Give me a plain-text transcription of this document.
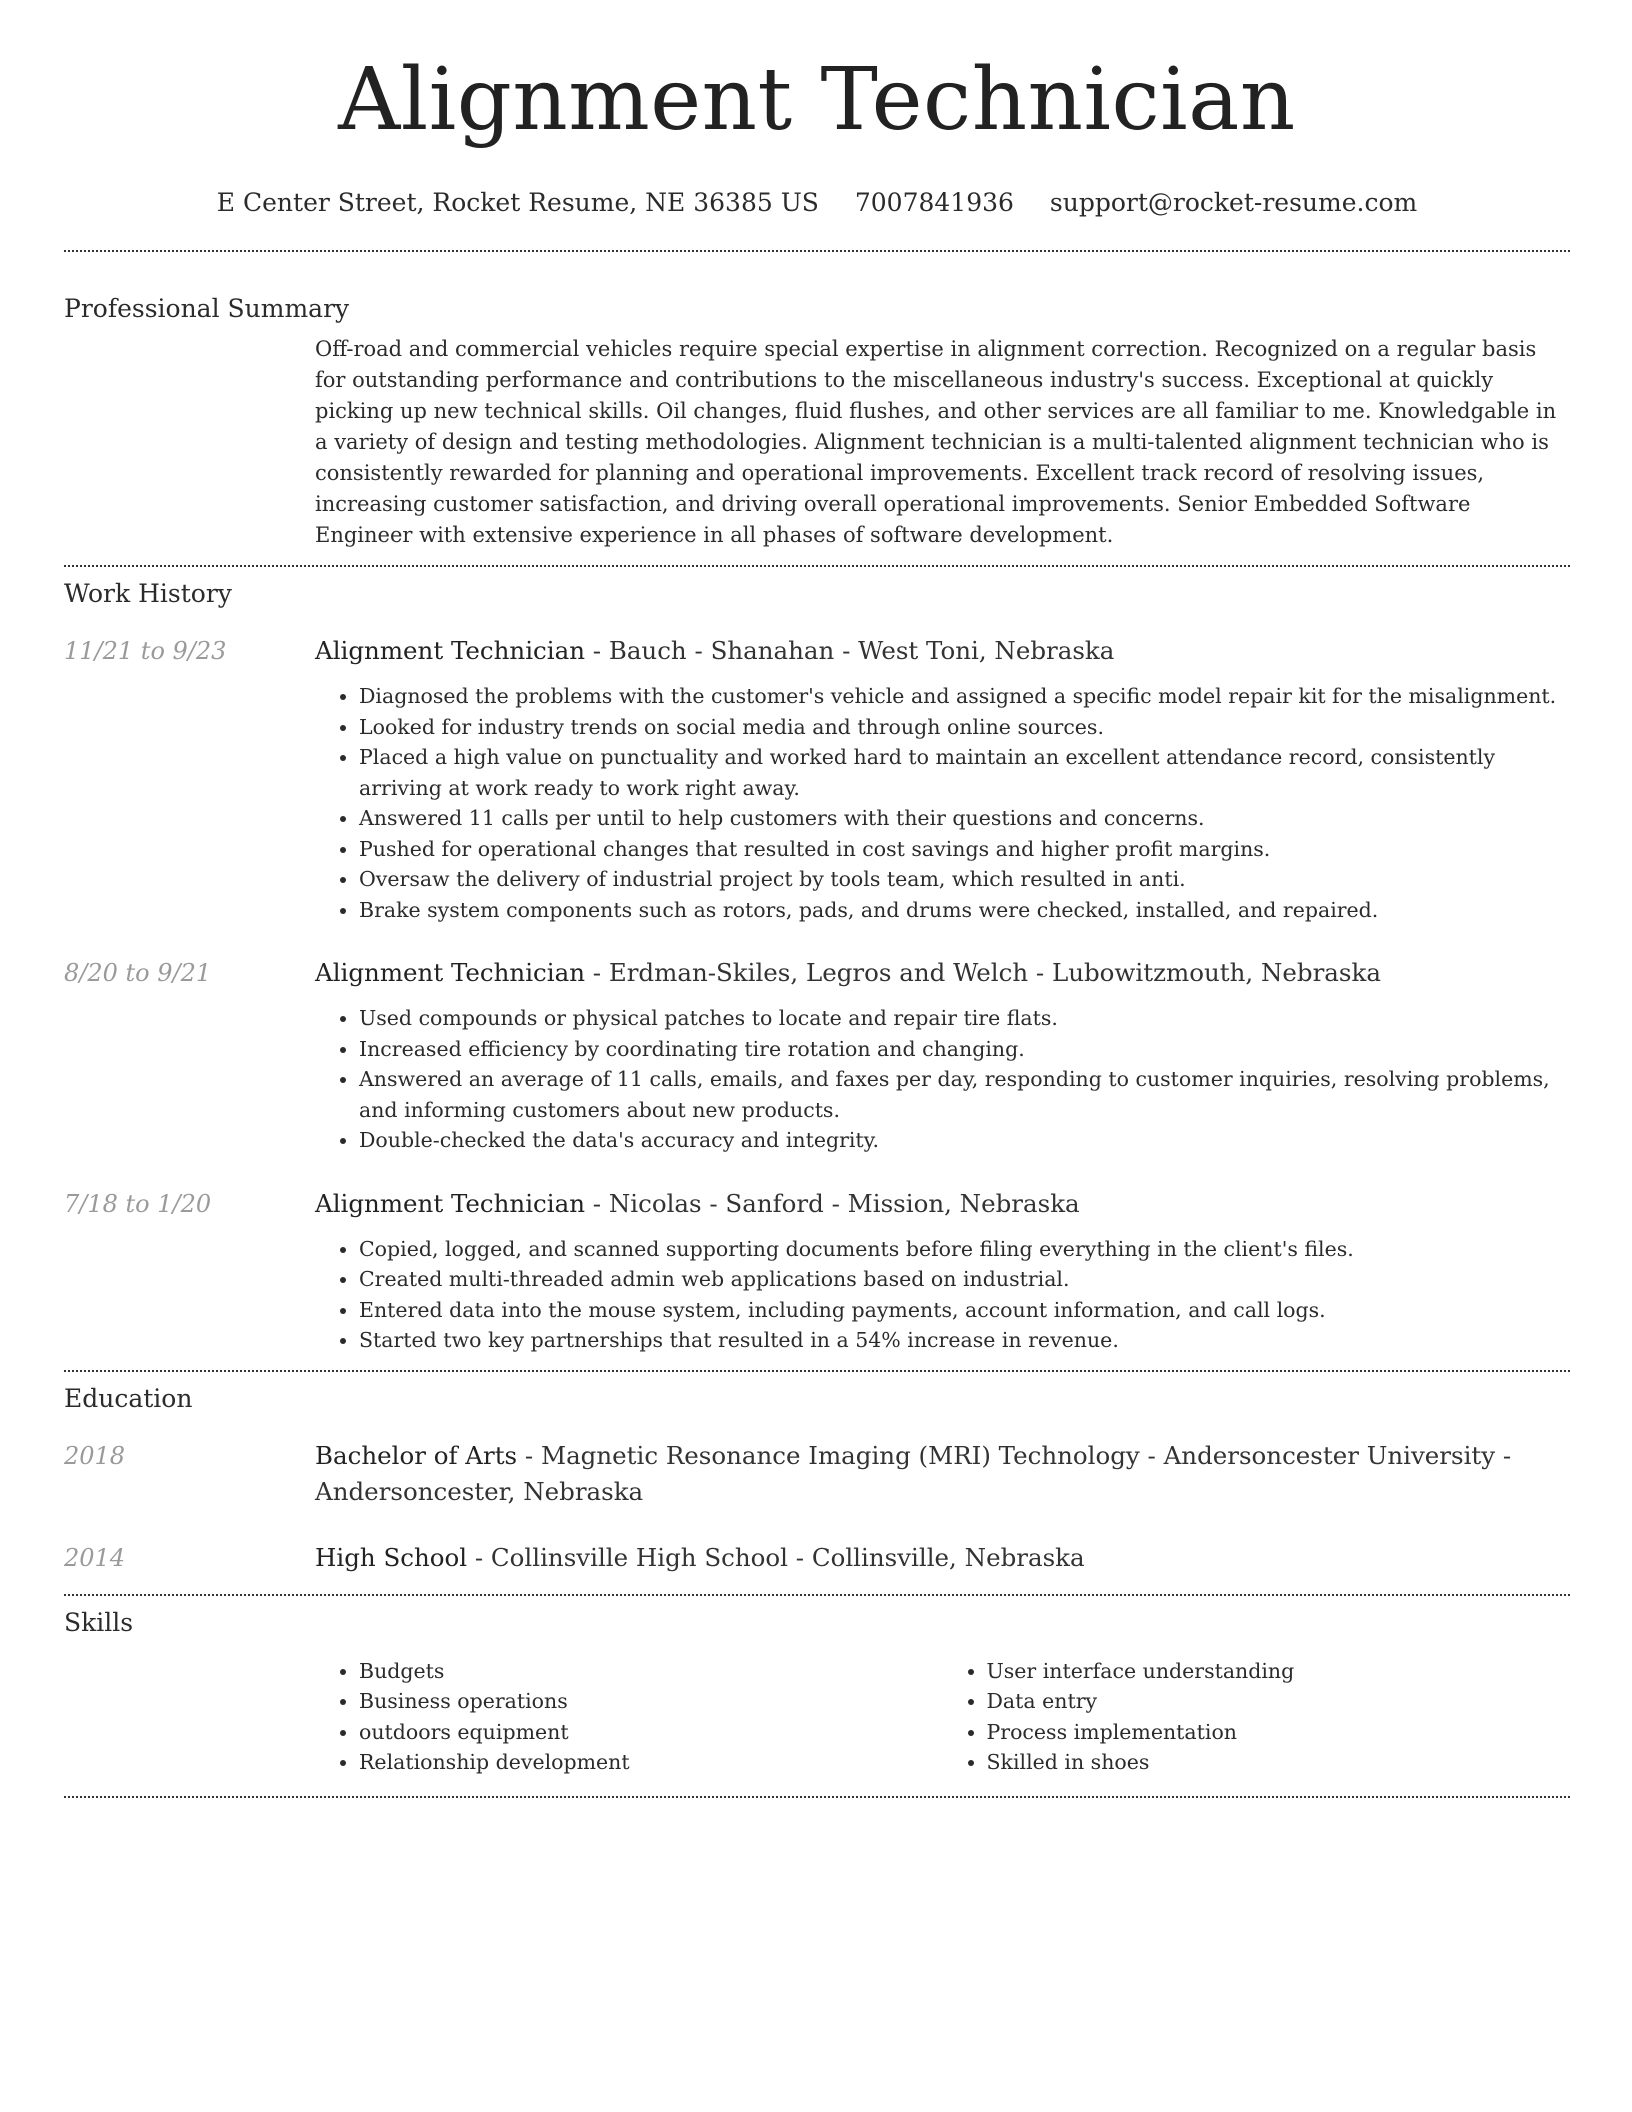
Alignment Technician
E Center Street, Rocket Resume, NE 36385 US 7007841936 support@rocket-resume.com
Professional Summary
Off-road and commercial vehicles require special expertise in alignment correction. Recognized on a regular basis for outstanding performance and contributions to the miscellaneous industry's success. Exceptional at quickly picking up new technical skills. Oil changes, fluid flushes, and other services are all familiar to me. Knowledgable in a variety of design and testing methodologies. Alignment technician is a multi-talented alignment technician who is consistently rewarded for planning and operational improvements. Excellent track record of resolving issues, increasing customer satisfaction, and driving overall operational improvements. Senior Embedded Software Engineer with extensive experience in all phases of software development.
Work History
11/21 to 9/23	Alignment Technician - Bauch - Shanahan - West Toni, Nebraska
• Diagnosed the problems with the customer's vehicle and assigned a specific model repair kit for the misalignment.
• Looked for industry trends on social media and through online sources.
• Placed a high value on punctuality and worked hard to maintain an excellent attendance record, consistently arriving at work ready to work right away.
• Answered 11 calls per until to help customers with their questions and concerns.
• Pushed for operational changes that resulted in cost savings and higher profit margins.
• Oversaw the delivery of industrial project by tools team, which resulted in anti.
• Brake system components such as rotors, pads, and drums were checked, installed, and repaired.
8/20 to 9/21	Alignment Technician - Erdman-Skiles, Legros and Welch - Lubowitzmouth, Nebraska
• Used compounds or physical patches to locate and repair tire flats.
• Increased efficiency by coordinating tire rotation and changing.
• Answered an average of 11 calls, emails, and faxes per day, responding to customer inquiries, resolving problems, and informing customers about new products.
• Double-checked the data's accuracy and integrity.
7/18 to 1/20	Alignment Technician - Nicolas - Sanford - Mission, Nebraska
• Copied, logged, and scanned supporting documents before filing everything in the client's files.
• Created multi-threaded admin web applications based on industrial.
• Entered data into the mouse system, including payments, account information, and call logs.
• Started two key partnerships that resulted in a 54% increase in revenue.
Education
2018	Bachelor of Arts - Magnetic Resonance Imaging (MRI) Technology - Andersoncester University - Andersoncester, Nebraska
2014	High School - Collinsville High School - Collinsville, Nebraska
Skills
• Budgets
• Business operations
• outdoors equipment
• Relationship development
• User interface understanding
• Data entry
• Process implementation
• Skilled in shoes
